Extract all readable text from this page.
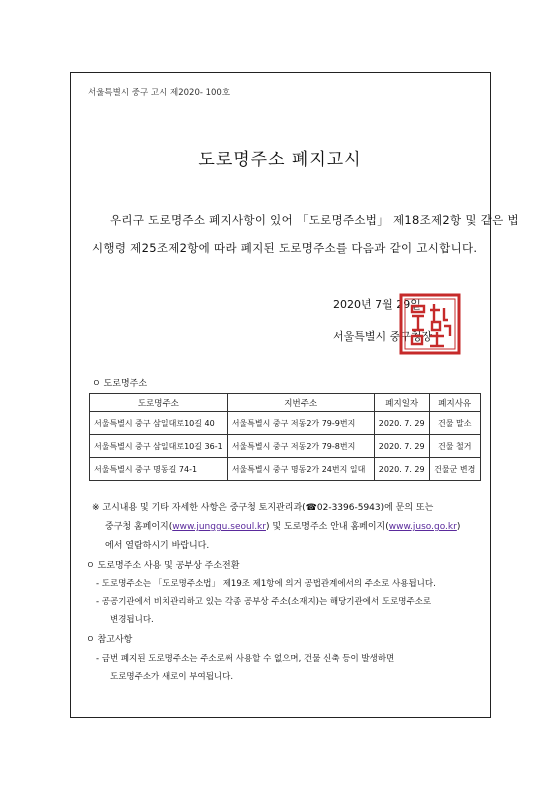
서울특별시 중구 고시 제2020- 100호
도로명주소 폐지고시
우리구 도로명주소 폐지사항이 있어 「도로명주소법」 제18조제2항 및 같은 법
시행령 제25조제2항에 따라 폐지된 도로명주소를 다음과 같이 고시합니다.
2020년 7월 29일
서울특별시 중구청장
ㅇ 도로명주소
도로명주소	지번주소	폐지일자	폐지사유
서울특별시 중구 삼일대로10길 40	서울특별시 중구 저동2가 79-9번지	2020. 7. 29	건물 말소
서울특별시 중구 삼일대로10길 36-1	서울특별시 중구 저동2가 79-8번지	2020. 7. 29	건물 철거
서울특별시 중구 명동길 74-1	서울특별시 중구 명동2가 24번지 일대	2020. 7. 29	건물군 변경
※ 고시내용 및 기타 자세한 사항은 중구청 토지관리과(☎02-3396-5943)에 문의 또는
중구청 홈페이지(www.junggu.seoul.kr) 및 도로명주소 안내 홈페이지(www.juso.go.kr)
에서 열람하시기 바랍니다.
ㅇ 도로명주소 사용 및 공부상 주소전환
- 도로명주소는 「도로명주소법」 제19조 제1항에 의거 공법관계에서의 주소로 사용됩니다.
- 공공기관에서 비치관리하고 있는 각종 공부상 주소(소재지)는 해당기관에서 도로명주소로
변경됩니다.
ㅇ 참고사항
- 금번 폐지된 도로명주소는 주소로써 사용할 수 없으며, 건물 신축 등이 발생하면
도로명주소가 새로이 부여됩니다.
